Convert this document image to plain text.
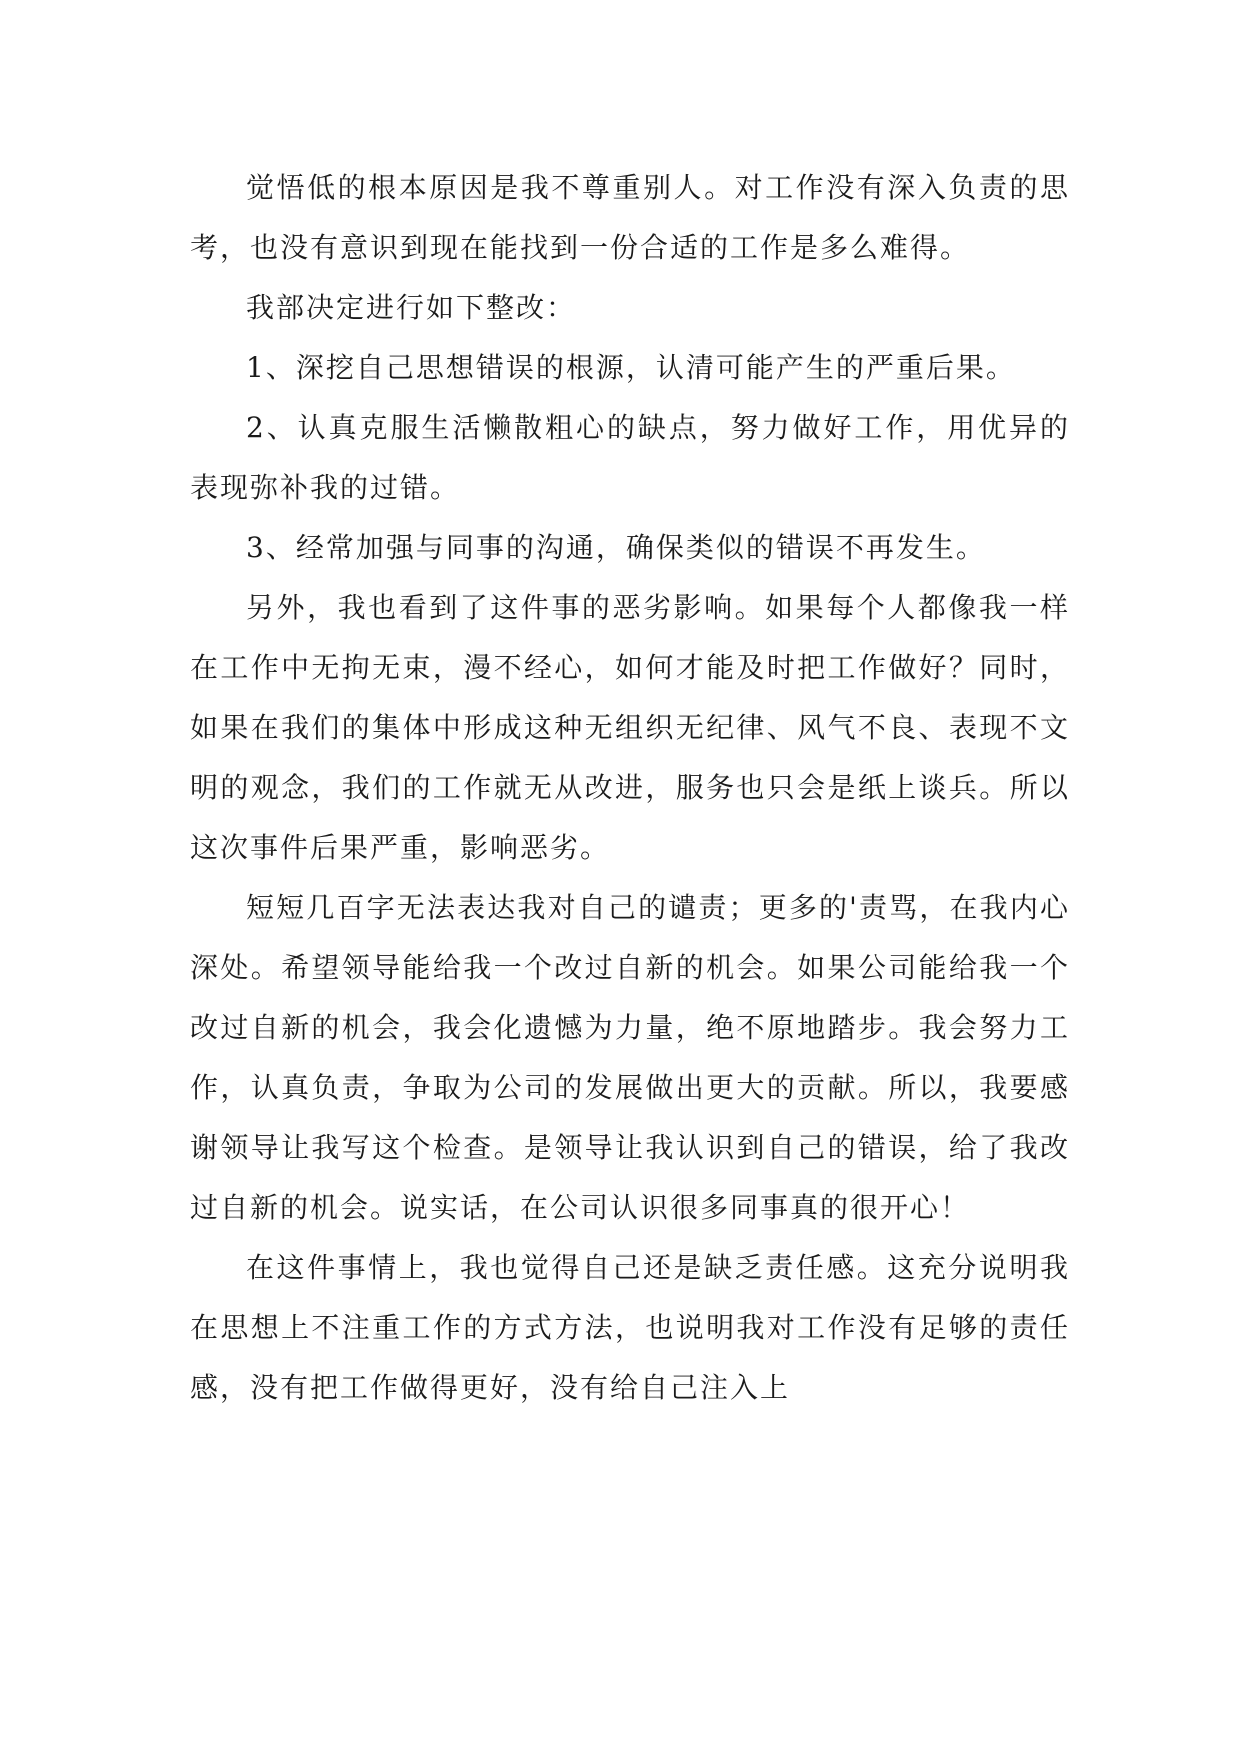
觉悟低的根本原因是我不尊重别人。对工作没有深入负责的思考，也没有意识到现在能找到一份合适的工作是多么难得。

我部决定进行如下整改：

1、深挖自己思想错误的根源，认清可能产生的严重后果。

2、认真克服生活懒散粗心的缺点，努力做好工作，用优异的表现弥补我的过错。

3、经常加强与同事的沟通，确保类似的错误不再发生。

另外，我也看到了这件事的恶劣影响。如果每个人都像我一样在工作中无拘无束，漫不经心，如何才能及时把工作做好？同时，如果在我们的集体中形成这种无组织无纪律、风气不良、表现不文明的观念，我们的工作就无从改进，服务也只会是纸上谈兵。所以这次事件后果严重，影响恶劣。

短短几百字无法表达我对自己的谴责；更多的'责骂，在我内心深处。希望领导能给我一个改过自新的机会。如果公司能给我一个改过自新的机会，我会化遗憾为力量，绝不原地踏步。我会努力工作，认真负责，争取为公司的发展做出更大的贡献。所以，我要感谢领导让我写这个检查。是领导让我认识到自己的错误，给了我改过自新的机会。说实话，在公司认识很多同事真的很开心！

在这件事情上，我也觉得自己还是缺乏责任感。这充分说明我在思想上不注重工作的方式方法，也说明我对工作没有足够的责任感，没有把工作做得更好，没有给自己注入上
